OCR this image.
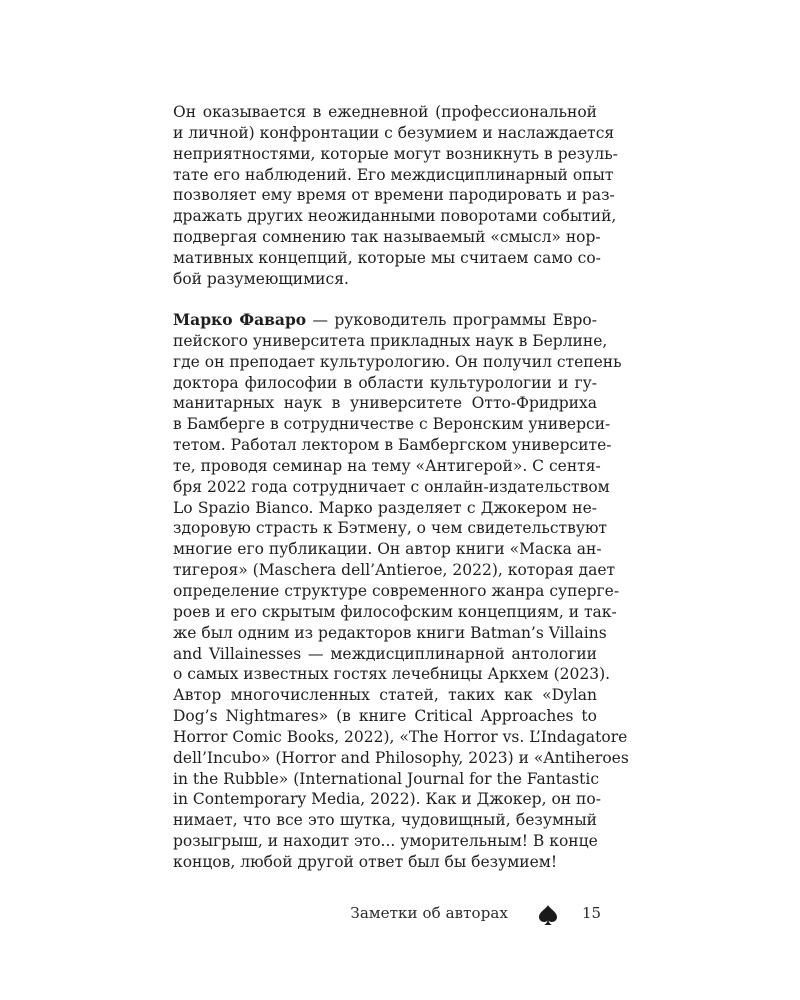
Он оказывается в ежедневной (профессиональной
и личной) конфронтации с безумием и наслаждается
неприятностями, которые могут возникнуть в резуль-
тате его наблюдений. Его междисциплинарный опыт
позволяет ему время от времени пародировать и раз-
дражать других неожиданными поворотами событий,
подвергая сомнению так называемый «смысл» нор-
мативных концепций, которые мы считаем само со-
бой разумеющимися.
Марко Фаваро — руководитель программы Евро-
пейского университета прикладных наук в Берлине,
где он преподает культурологию. Он получил степень
доктора философии в области культурологии и гу-
манитарных наук в университете Отто-Фридриха
в Бамберге в сотрудничестве с Веронским универси-
тетом. Работал лектором в Бамбергском университе-
те, проводя семинар на тему «Антигерой». С сентя-
бря 2022 года сотрудничает с онлайн-издательством
Lo Spazio Bianco. Марко разделяет с Джокером не-
здоровую страсть к Бэтмену, о чем свидетельствуют
многие его публикации. Он автор книги «Маска ан-
тигероя» (Maschera dell’Antieroe, 2022), которая дает
определение структуре современного жанра суперге-
роев и его скрытым философским концепциям, и так-
же был одним из редакторов книги Batman’s Villains
and Villainesses — междисциплинарной антологии
о самых известных гостях лечебницы Аркхем (2023).
Автор многочисленных статей, таких как «Dylan
Dog’s Nightmares» (в книге Critical Approaches to
Horror Comic Books, 2022), «The Horror vs. L’Indagatore
dell’Incubo» (Horror and Philosophy, 2023) и «Antiheroes
in the Rubble» (International Journal for the Fantastic
in Contemporary Media, 2022). Как и Джокер, он по-
нимает, что все это шутка, чудовищный, безумный
розыгрыш, и находит это... уморительным! В конце
концов, любой другой ответ был бы безумием!
Заметки об авторах	15
